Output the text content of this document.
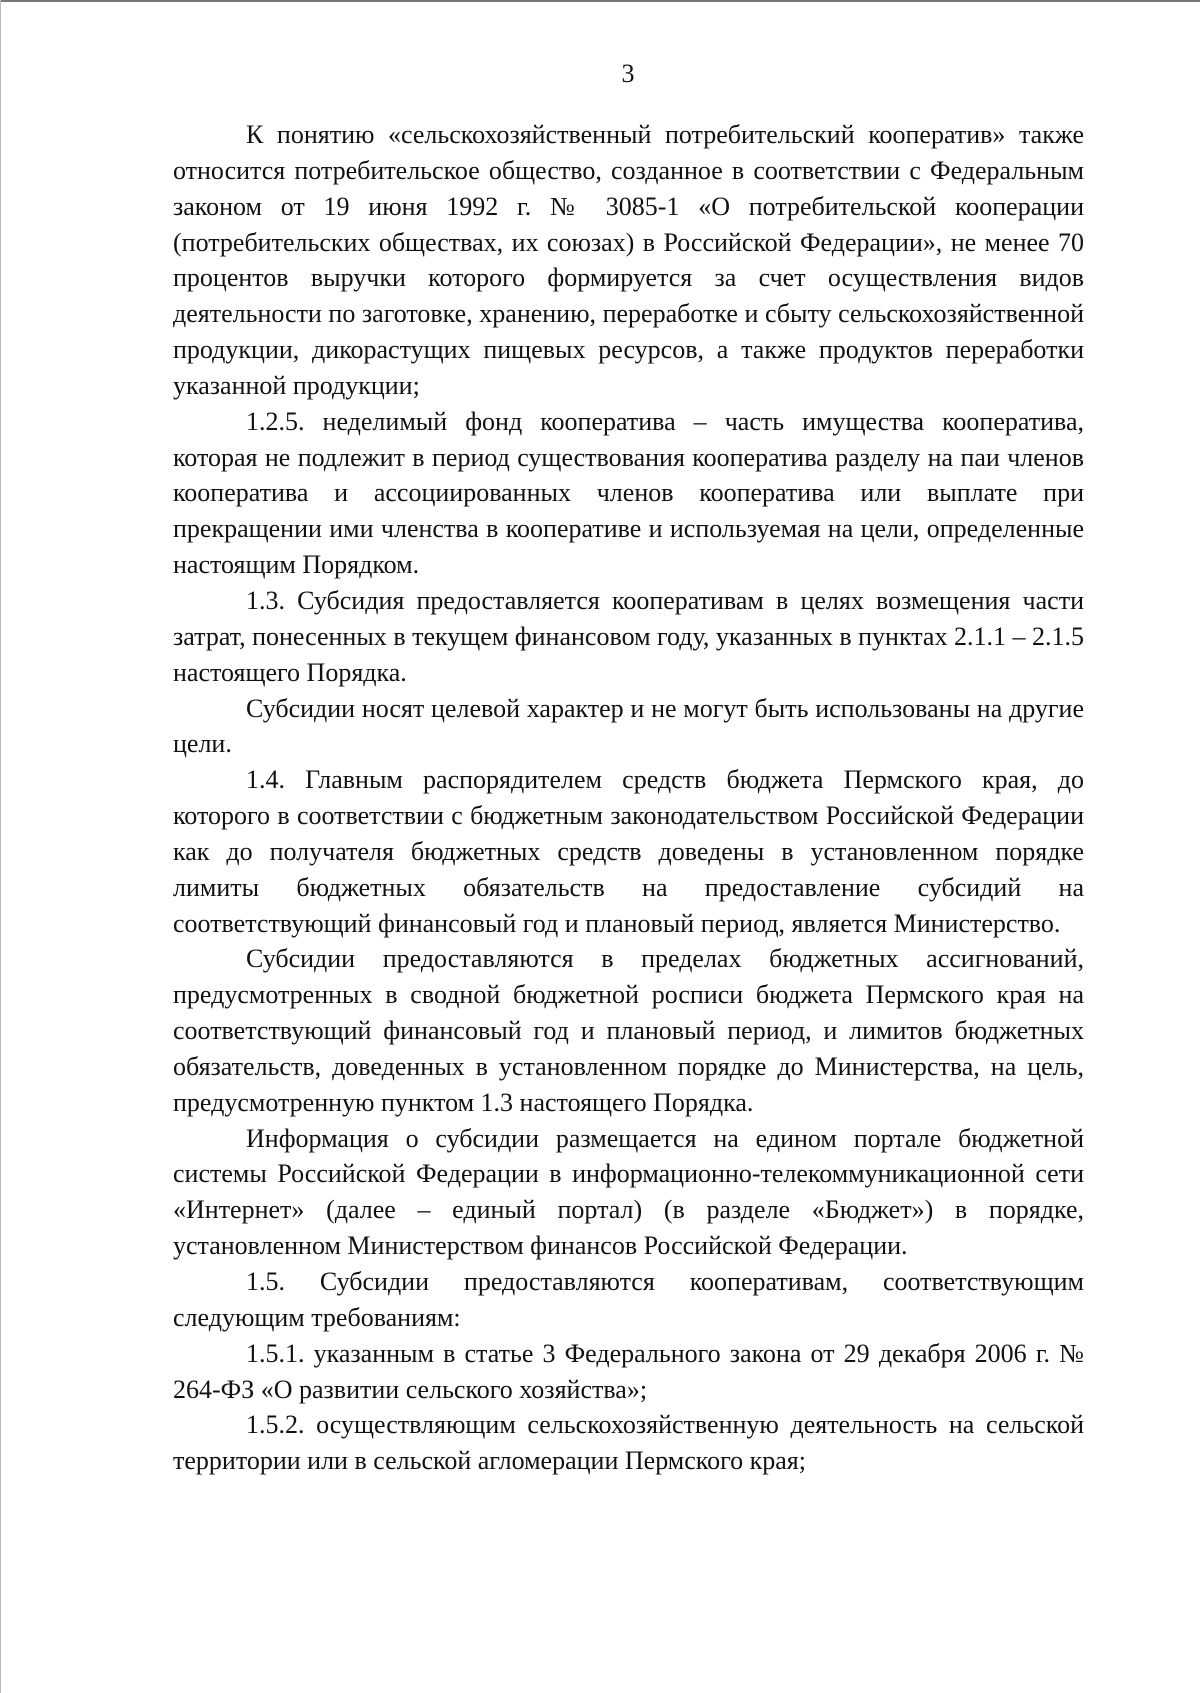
3

К понятию «сельскохозяйственный потребительский кооператив» также относится потребительское общество, созданное в соответствии с Федеральным законом от 19 июня 1992 г. № 3085-1 «О потребительской кооперации (потребительских обществах, их союзах) в Российской Федерации», не менее 70 процентов выручки которого формируется за счет осуществления видов деятельности по заготовке, хранению, переработке и сбыту сельскохозяйственной продукции, дикорастущих пищевых ресурсов, а также продуктов переработки указанной продукции;

1.2.5. неделимый фонд кооператива – часть имущества кооператива, которая не подлежит в период существования кооператива разделу на паи членов кооператива и ассоциированных членов кооператива или выплате при прекращении ими членства в кооперативе и используемая на цели, определенные настоящим Порядком.

1.3. Субсидия предоставляется кооперативам в целях возмещения части затрат, понесенных в текущем финансовом году, указанных в пунктах 2.1.1 – 2.1.5 настоящего Порядка.

Субсидии носят целевой характер и не могут быть использованы на другие цели.

1.4. Главным распорядителем средств бюджета Пермского края, до которого в соответствии с бюджетным законодательством Российской Федерации как до получателя бюджетных средств доведены в установленном порядке лимиты бюджетных обязательств на предоставление субсидий на соответствующий финансовый год и плановый период, является Министерство.

Субсидии предоставляются в пределах бюджетных ассигнований, предусмотренных в сводной бюджетной росписи бюджета Пермского края на соответствующий финансовый год и плановый период, и лимитов бюджетных обязательств, доведенных в установленном порядке до Министерства, на цель, предусмотренную пунктом 1.3 настоящего Порядка.

Информация о субсидии размещается на едином портале бюджетной системы Российской Федерации в информационно-телекоммуникационной сети «Интернет» (далее – единый портал) (в разделе «Бюджет») в порядке, установленном Министерством финансов Российской Федерации.

1.5. Субсидии предоставляются кооперативам, соответствующим следующим требованиям:

1.5.1. указанным в статье 3 Федерального закона от 29 декабря 2006 г. № 264-ФЗ «О развитии сельского хозяйства»;

1.5.2. осуществляющим сельскохозяйственную деятельность на сельской территории или в сельской агломерации Пермского края;
